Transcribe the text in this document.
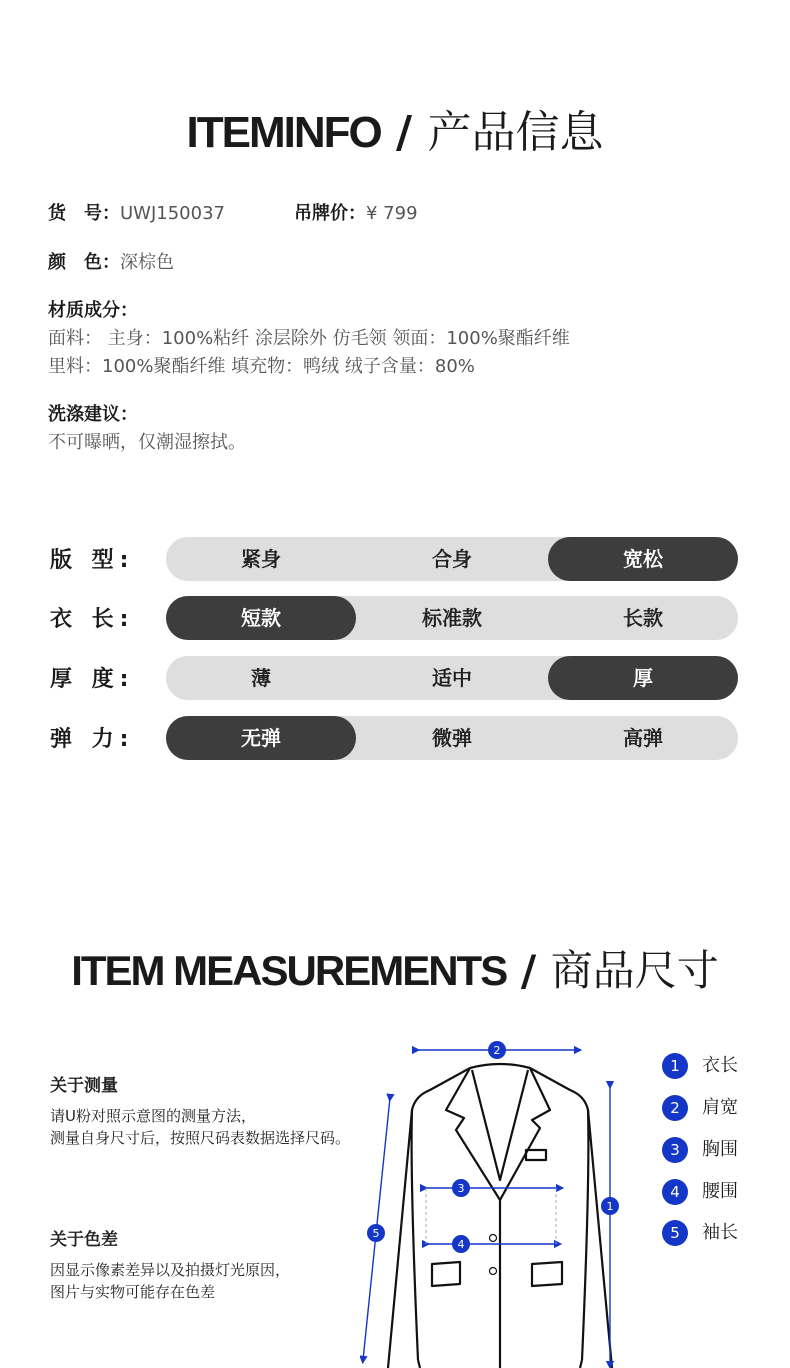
ITEMINFO / 产品信息
货　号：UWJ150037	吊牌价：¥ 799
颜　色：深棕色
材质成分：
面料： 主身：100%粘纤 涂层除外 仿毛领 领面：100%聚酯纤维
里料：100%聚酯纤维 填充物：鸭绒 绒子含量：80%
洗涤建议：
不可曝晒，仅潮湿擦拭。
版 型:	紧身	合身	宽松
衣 长:	短款	标准款	长款
厚 度:	薄	适中	厚
弹 力:	无弹	微弹	高弹
ITEM MEASUREMENTS / 商品尺寸
关于测量
请U粉对照示意图的测量方法，
测量自身尺寸后，按照尺码表数据选择尺码。
关于色差
因显示像素差异以及拍摄灯光原因，
图片与实物可能存在色差
2
1
3
4
5
1 衣长
2 肩宽
3 胸围
4 腰围
5 袖长
